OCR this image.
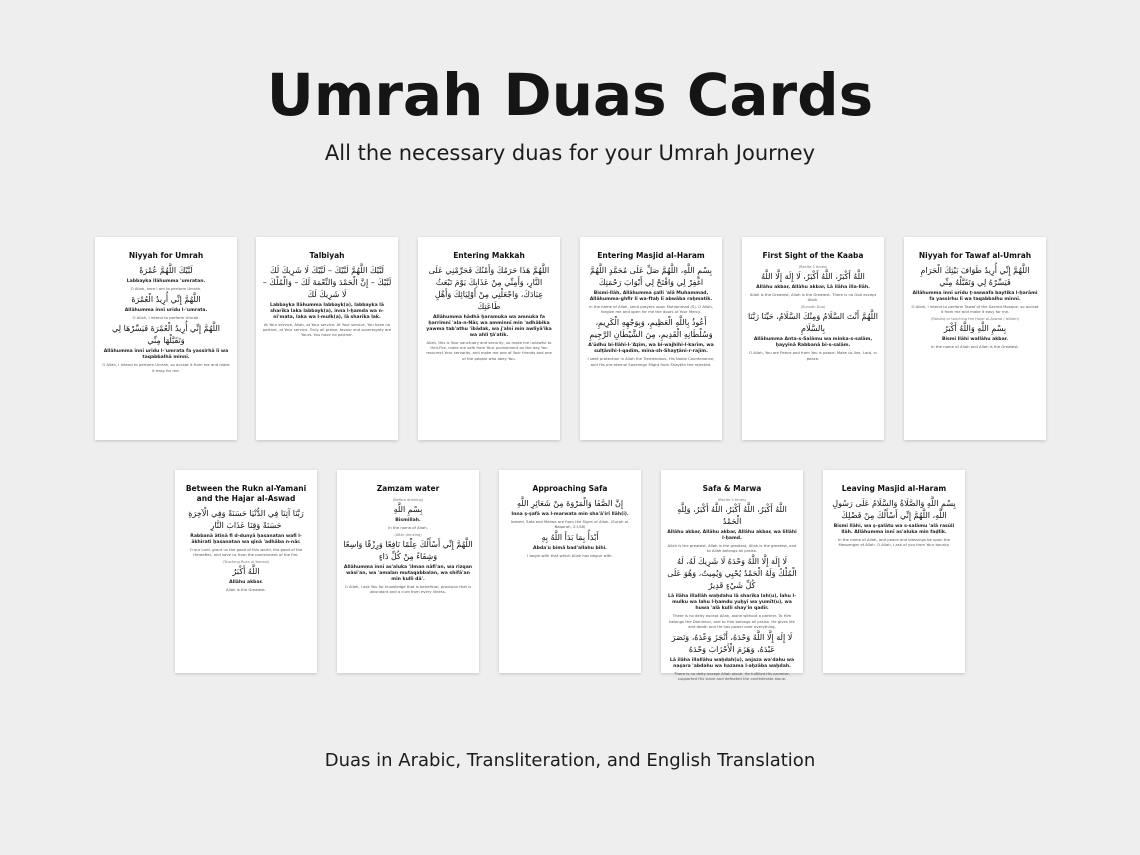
Umrah Duas Cards
All the necessary duas for your Umrah Journey
Niyyah for Umrah
لَبَّيْكَ اللَّهُمَّ عُمْرَةً
Labbayka llāhumma 'umratan.
O Allah, here I am to perform Umrah.
اللَّهُمَّ إِنِّي أُرِيدُ الْعُمْرَةَ
Allāhumma innī urīdu l-'umrata.
O Allah, I intend to perform Umrah.
اللَّهُمَّ إِنِّي أُرِيدُ الْعُمْرَةَ فَيَسِّرْهَا لِي وَتَقَبَّلْهَا مِنِّي
Allāhumma innī urīdu l-'umrata fa yassirhā lī wa taqabbalhā minnī.
O Allah, I intend to perform Umrah, so accept it from me and make it easy for me.
Talbiyah
لَبَّيْكَ اللَّهُمَّ لَبَّيْكَ – لَبَّيْكَ لَا شَرِيكَ لَكَ لَبَّيْكَ – إِنَّ الْحَمْدَ وَالنِّعْمَةَ لَكَ – وَالْمُلْكَ – لَا شَرِيكَ لَكَ
Labbayka llāhumma labbayk(a), labbayka lā sharīka laka labbayk(a), inna l-ḥamda wa n-ni'mata, laka wa l-mulk(a), lā sharīka lak.
At Your service, Allah, at Your service. At Your service, You have no partner, at Your service. Truly all praise, favour and sovereignty are Yours. You have no partner.
Entering Makkah
اللَّهُمَّ هَذَا حَرَمُكَ وَأَمْنُكَ فَحَرِّمْنِي عَلَى النَّارِ، وَأَمِنِّي مِنْ عَذَابِكَ يَوْمَ تَبْعَثُ عِبَادَكَ، وَاجْعَلْنِي مِنْ أَوْلِيَائِكَ وَأَهْلِ طَاعَتِكَ
Allāhumma hādhā ḥaramuka wa amnuka fa ḥarrimnī 'ala-n-Nār, wa amminnī min 'adhābika yawma tab'athu 'ibādak, wa j'alnī min awliyā'ika wa ahli ṭā'atik.
Allah, this is Your sanctuary and security, so make me unlawful to Hell-Fire, make me safe from Your punishment on the day You resurrect Your servants, and make me one of Your friends and one of the people who obey You.
Entering Masjid al-Haram
بِسْمِ اللَّهِ، اللَّهُمَّ صَلِّ عَلَى مُحَمَّدٍ اللَّهُمَّ اغْفِرْ لِي وَافْتَحْ لِي أَبْوَابَ رَحْمَتِكَ
Bismi-llāh, Allāhumma ṣalli 'alā Muhammad, Allāhumma-ghfir lī wa-ftaḥ lī abwāba raḥmatik.
In the name of Allah, send prayers upon Muhammad (S). O Allah, forgive me and open for me the doors of Your Mercy.
أَعُوذُ بِاللَّهِ الْعَظِيمِ، وَبِوَجْهِهِ الْكَرِيمِ، وَسُلْطَانِهِ الْقَدِيمِ، مِنَ الشَّيْطَانِ الرَّجِيمِ
A'ūdhu bi-llāhi-l-'Aẓīm, wa bi-wajhihi-l-karīm, wa sulṭānihi-l-qadīm, mina-sh-Shayṭāni-r-rajīm.
I seek protection in Allah the Tremendous, His Noble Countenance, and His pre-eternal Sovereign Might from Shayṭān the rejected.
First Sight of the Kaaba
(Recite 3 times)
اللَّهُ أَكْبَرُ، اللَّهُ أَكْبَرُ، لَا إِلَهَ إِلَّا اللَّهُ
Allāhu akbar, Allāhu akbar, Lā ilāha illa-llāh.
Allah is the Greatest, Allah is the Greatest. There is no God except Allah.
(Sunnah Dua)
اللَّهُمَّ أَنْتَ السَّلَامُ وَمِنْكَ السَّلَامُ، حَيِّنَا رَبَّنَا بِالسَّلَامِ
Allāhumma Anta-s-Salāmu wa minka-s-salām, ḥayyinā Rabbanā bi-s-salām.
O Allah, You are Peace and from You is peace. Make us live, Lord, in peace.
Niyyah for Tawaf al-Umrah
اللَّهُمَّ إِنِّي أُرِيدُ طَوَافَ بَيْتِكَ الْحَرَامِ فَيَسِّرْهُ لِي وَتَقَبَّلْهُ مِنِّي
Allāhumma innī urīdu ṭ-awwafa baytika l-ḥarāmi fa yassirhu lī wa taqabbalhu minnī.
O Allah, I intend to perform Tawaf of the Sacred Mosque, so accept it from me and make it easy for me.
(Raising or touching the Hajar al-Aswad / Istilam)
بِسْمِ اللَّهِ وَاللَّهُ أَكْبَرُ
Bismi llāhi wallāhu akbar.
In the name of Allah and Allah is the Greatest.
Between the Rukn al-Yamani and the Hajar al-Aswad
رَبَّنَا آتِنَا فِي الدُّنْيَا حَسَنَةً وَفِي الْآخِرَةِ حَسَنَةً وَقِنَا عَذَابَ النَّارِ
Rabbanā ātinā fi d-dunyā ḥasanatan wafi l-ākhirati ḥasanatan wa qinā 'adhāba n-nār.
O our Lord, grant us the good of this world, the good of the Hereafter, and save us from the punishment of the fire.
(Touching Rukn al-Yamani)
اللَّهُ أَكْبَرُ
Allāhu akbar.
Allah is the Greatest.
Zamzam water
(Before drinking)
بِسْمِ اللَّهِ
Bismillah.
In the name of Allah.
(After drinking)
اللَّهُمَّ إِنِّي أَسْأَلُكَ عِلْمًا نَافِعًا وَرِزْقًا وَاسِعًا وَشِفَاءً مِنْ كُلِّ دَاءٍ
Allāhumma innī as'aluka 'ilman nāfi'an, wa rizqan wāsi'an, wa 'amalan mutaqabbalan, wa shifā'an min kulli dā'.
O Allah, I ask You for knowledge that is beneficial, provision that is abundant and a cure from every illness.
Approaching Safa
إِنَّ الصَّفَا وَالْمَرْوَةَ مِنْ شَعَائِرِ اللَّهِ
Inna ṣ-ṣafā wa l-marwata min sha'ā'iri llāh(i).
Indeed, Safa and Marwa are from the Signs of Allah. (Surah al-Baqarah, 2:158)
أَبْدَأُ بِمَا بَدَأَ اللَّهُ بِهِ
Abda'u bimā bad'allahu bihi.
I begin with that which Allah has begun with.
Safa & Marwa
(Recite 3 times)
اللَّهُ أَكْبَرُ، اللَّهُ أَكْبَرُ، اللَّهُ أَكْبَرُ، وَلِلَّهِ الْحَمْدُ
Allāhu akbar, Allāhu akbar, Allāhu akbar, wa lillāhi l-ḥamd.
Allah is the greatest, Allah is the greatest, Allah is the greatest, and to Allah belongs all praise.
لَا إِلَهَ إِلَّا اللَّهُ وَحْدَهُ لَا شَرِيكَ لَهُ، لَهُ الْمُلْكُ وَلَهُ الْحَمْدُ يُحْيِي وَيُمِيتُ، وَهُوَ عَلَى كُلِّ شَيْءٍ قَدِيرٌ
Lā ilāha illallāh waḥdahu lā sharīka lah(u), lahu l-mulku wa lahu l-ḥamdu yuḥyī wa yumīt(u), wa huwa 'alā kulli shay'in qadīr.
There is no deity except Allah, alone without a partner. To Him belongs the Dominion, and to Him belongs all praise. He gives life and death and He has power over everything.
لَا إِلَهَ إِلَّا اللَّهُ وَحْدَهُ، أَنْجَزَ وَعْدَهُ، وَنَصَرَ عَبْدَهُ، وَهَزَمَ الْأَحْزَابَ وَحْدَهُ
Lā ilāha illallāhu waḥdah(u), anjaza wa'dahu wa naṣara 'abdahu wa hazama l-aḥzāba waḥdah.
There is no deity except Allah alone. He fulfilled His promise, supported His slave and defeated the confederate alone.
Leaving Masjid al-Haram
بِسْمِ اللَّهِ وَالصَّلَاةُ وَالسَّلَامُ عَلَى رَسُولِ اللَّهِ، اللَّهُمَّ إِنِّي أَسْأَلُكَ مِنْ فَضْلِكَ
Bismi llāhi, wa ṣ-ṣalātu wa s-salāmu 'alā rasūli llāh. Allāhumma innī as'aluka min faḍlik.
In the name of Allah, and peace and blessings be upon the Messenger of Allah. O Allah, I ask of you from Your bounty.
Duas in Arabic, Transliteration, and English Translation
